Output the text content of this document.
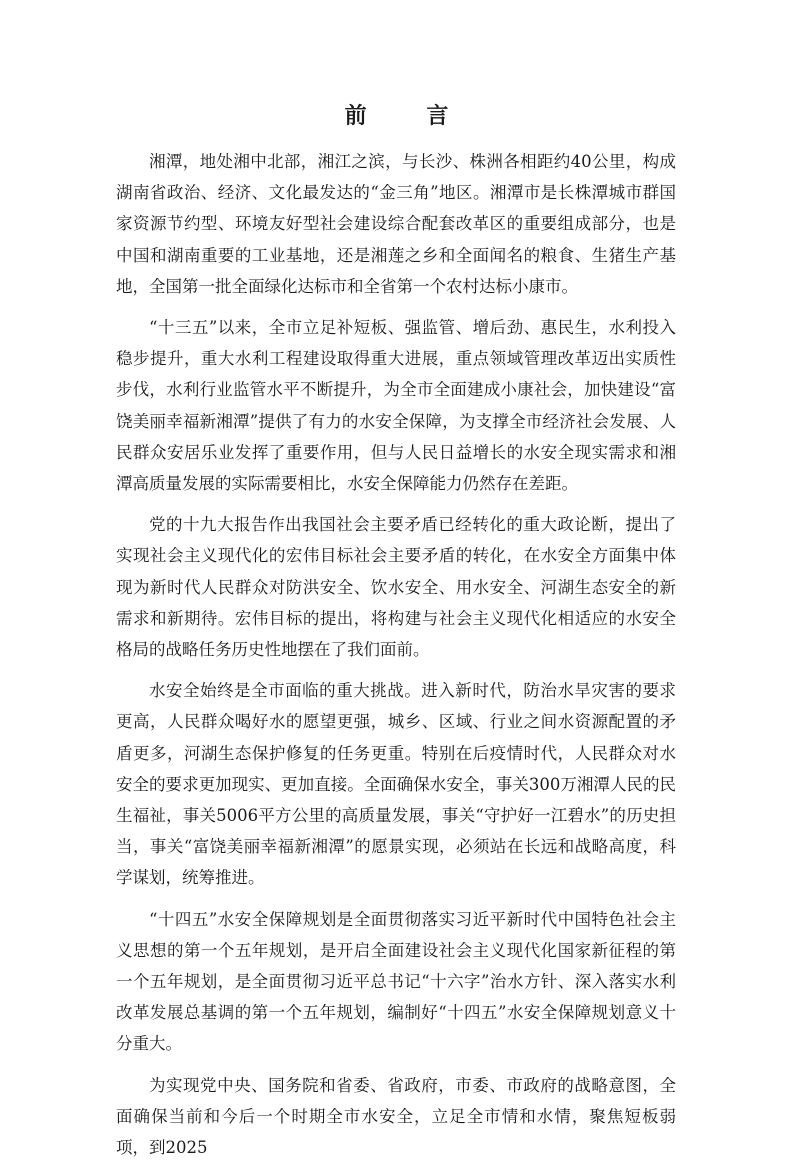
前 言

湘潭，地处湘中北部，湘江之滨，与长沙、株洲各相距约40公里，构成湖南省政治、经济、文化最发达的“金三角”地区。湘潭市是长株潭城市群国家资源节约型、环境友好型社会建设综合配套改革区的重要组成部分，也是中国和湖南重要的工业基地，还是湘莲之乡和全面闻名的粮食、生猪生产基地，全国第一批全面绿化达标市和全省第一个农村达标小康市。

“十三五”以来，全市立足补短板、强监管、增后劲、惠民生，水利投入稳步提升，重大水利工程建设取得重大进展，重点领域管理改革迈出实质性步伐，水利行业监管水平不断提升，为全市全面建成小康社会，加快建设“富饶美丽幸福新湘潭”提供了有力的水安全保障，为支撑全市经济社会发展、人民群众安居乐业发挥了重要作用，但与人民日益增长的水安全现实需求和湘潭高质量发展的实际需要相比，水安全保障能力仍然存在差距。

党的十九大报告作出我国社会主要矛盾已经转化的重大政论断，提出了实现社会主义现代化的宏伟目标社会主要矛盾的转化，在水安全方面集中体现为新时代人民群众对防洪安全、饮水安全、用水安全、河湖生态安全的新需求和新期待。宏伟目标的提出，将构建与社会主义现代化相适应的水安全格局的战略任务历史性地摆在了我们面前。

水安全始终是全市面临的重大挑战。进入新时代，防治水旱灾害的要求更高，人民群众喝好水的愿望更强，城乡、区域、行业之间水资源配置的矛盾更多，河湖生态保护修复的任务更重。特别在后疫情时代，人民群众对水安全的要求更加现实、更加直接。全面确保水安全，事关300万湘潭人民的民生福祉，事关5006平方公里的高质量发展，事关“守护好一江碧水”的历史担当，事关“富饶美丽幸福新湘潭”的愿景实现，必须站在长远和战略高度，科学谋划，统筹推进。

“十四五”水安全保障规划是全面贯彻落实习近平新时代中国特色社会主义思想的第一个五年规划，是开启全面建设社会主义现代化国家新征程的第一个五年规划，是全面贯彻习近平总书记“十六字”治水方针、深入落实水利改革发展总基调的第一个五年规划，编制好“十四五”水安全保障规划意义十分重大。

为实现党中央、国务院和省委、省政府，市委、市政府的战略意图，全面确保当前和今后一个时期全市水安全，立足全市情和水情，聚焦短板弱项，到2025
